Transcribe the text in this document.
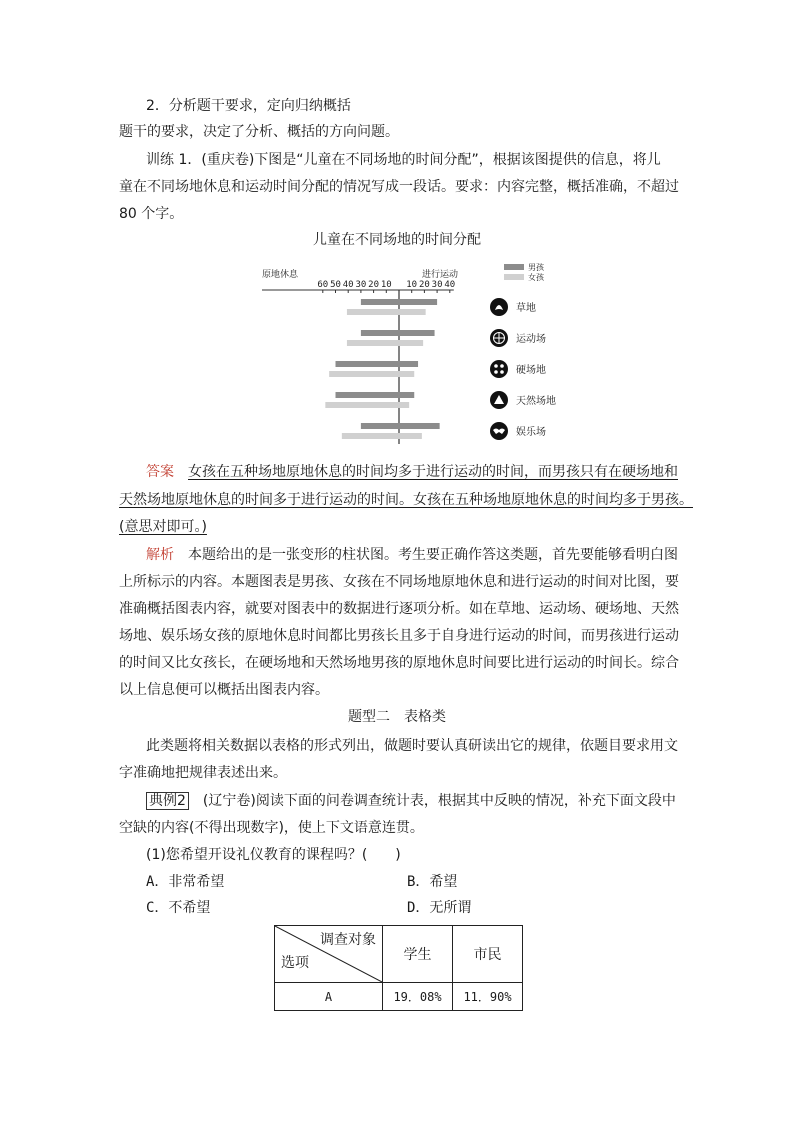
2．分析题干要求，定向归纳概括
题干的要求，决定了分析、概括的方向问题。
训练 1．(重庆卷)下图是“儿童在不同场地的时间分配”，根据该图提供的信息，将儿
童在不同场地休息和运动时间分配的情况写成一段话。要求：内容完整，概括准确，不超过
80 个字。
儿童在不同场地的时间分配
原地休息	进行运动
60 50 40 30 20 10 10 20 30 40
草地
运动场
硬场地
天然场地
娱乐场
男孩
女孩
答案　 女孩在五种场地原地休息的时间均多于进行运动的时间，而男孩只有在硬场地和
天然场地原地休息的时间多于进行运动的时间。女孩在五种场地原地休息的时间均多于男孩。
(意思对即可。)
解析　 本题给出的是一张变形的柱状图。考生要正确作答这类题，首先要能够看明白图
上所标示的内容。本题图表是男孩、女孩在不同场地原地休息和进行运动的时间对比图，要
准确概括图表内容，就要对图表中的数据进行逐项分析。如在草地、运动场、硬场地、天然
场地、娱乐场女孩的原地休息时间都比男孩长且多于自身进行运动的时间，而男孩进行运动
的时间又比女孩长，在硬场地和天然场地男孩的原地休息时间要比进行运动的时间长。综合
以上信息便可以概括出图表内容。
题型二　表格类
此类题将相关数据以表格的形式列出，做题时要认真研读出它的规律，依题目要求用文
字准确地把规律表述出来。
典例2　 (辽宁卷)阅读下面的问卷调查统计表，根据其中反映的情况，补充下面文段中
空缺的内容(不得出现数字)，使上下文语意连贯。
(1)您希望开设礼仪教育的课程吗？(　　)
A．非常希望	B．希望
C．不希望	D．无所谓
调查对象
选项	学生	市民
A	19．08%	11．90%
